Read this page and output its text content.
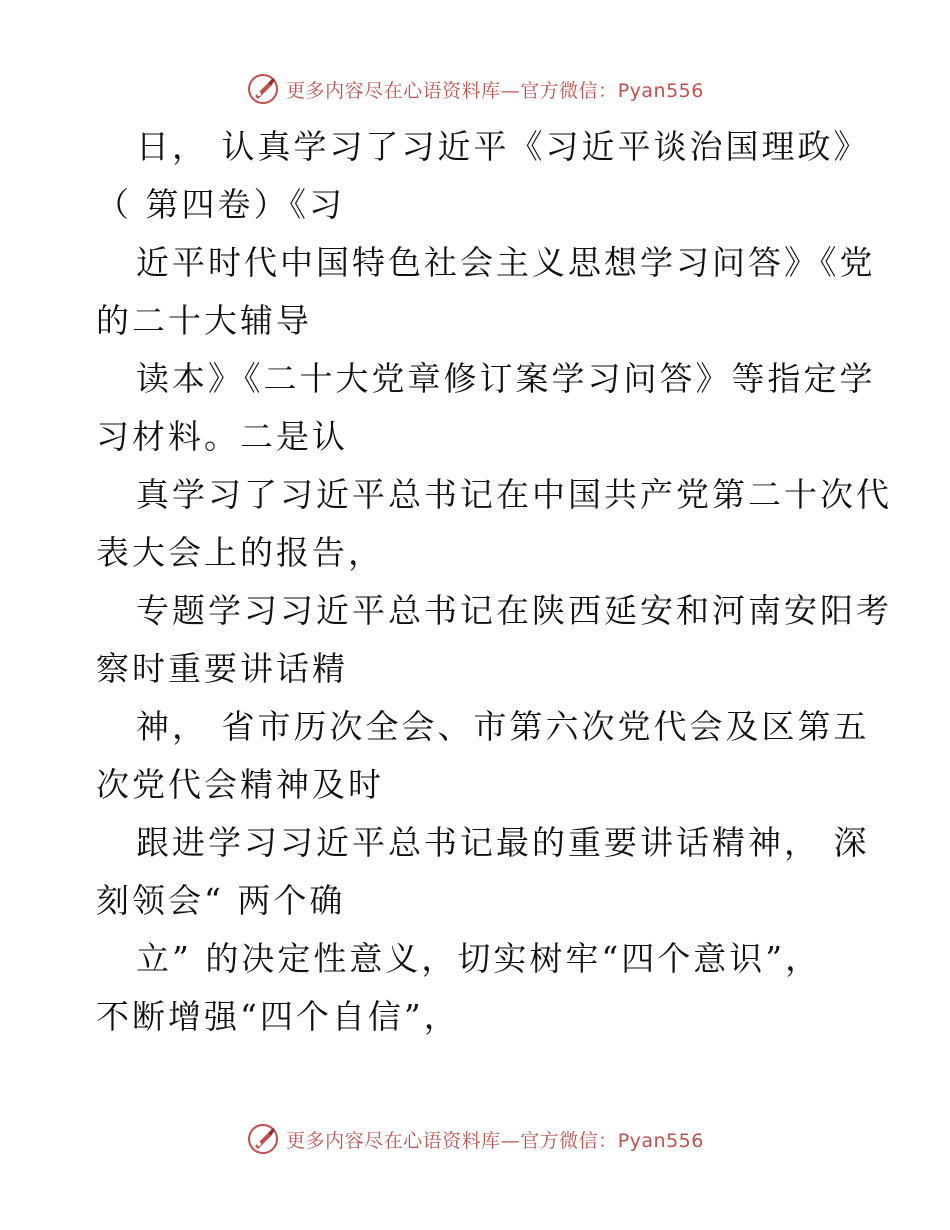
更多内容尽在心语资料库—官方微信：Pyan556
日， 认真学习了习近平《习近平谈治国理政》
（ 第四卷）《习
近平时代中国特色社会主义思想学习问答》《党
的二十大辅导
读本》《二十大党章修订案学习问答》等指定学
习材料。二是认
真学习了习近平总书记在中国共产党第二十次代
表大会上的报告，
专题学习习近平总书记在陕西延安和河南安阳考
察时重要讲话精
神， 省市历次全会、市第六次党代会及区第五
次党代会精神及时
跟进学习习近平总书记最的重要讲话精神， 深
刻领会“ 两个确
立” 的决定性意义，切实树牢“四个意识”，
不断增强“四个自信”，
更多内容尽在心语资料库—官方微信：Pyan556
